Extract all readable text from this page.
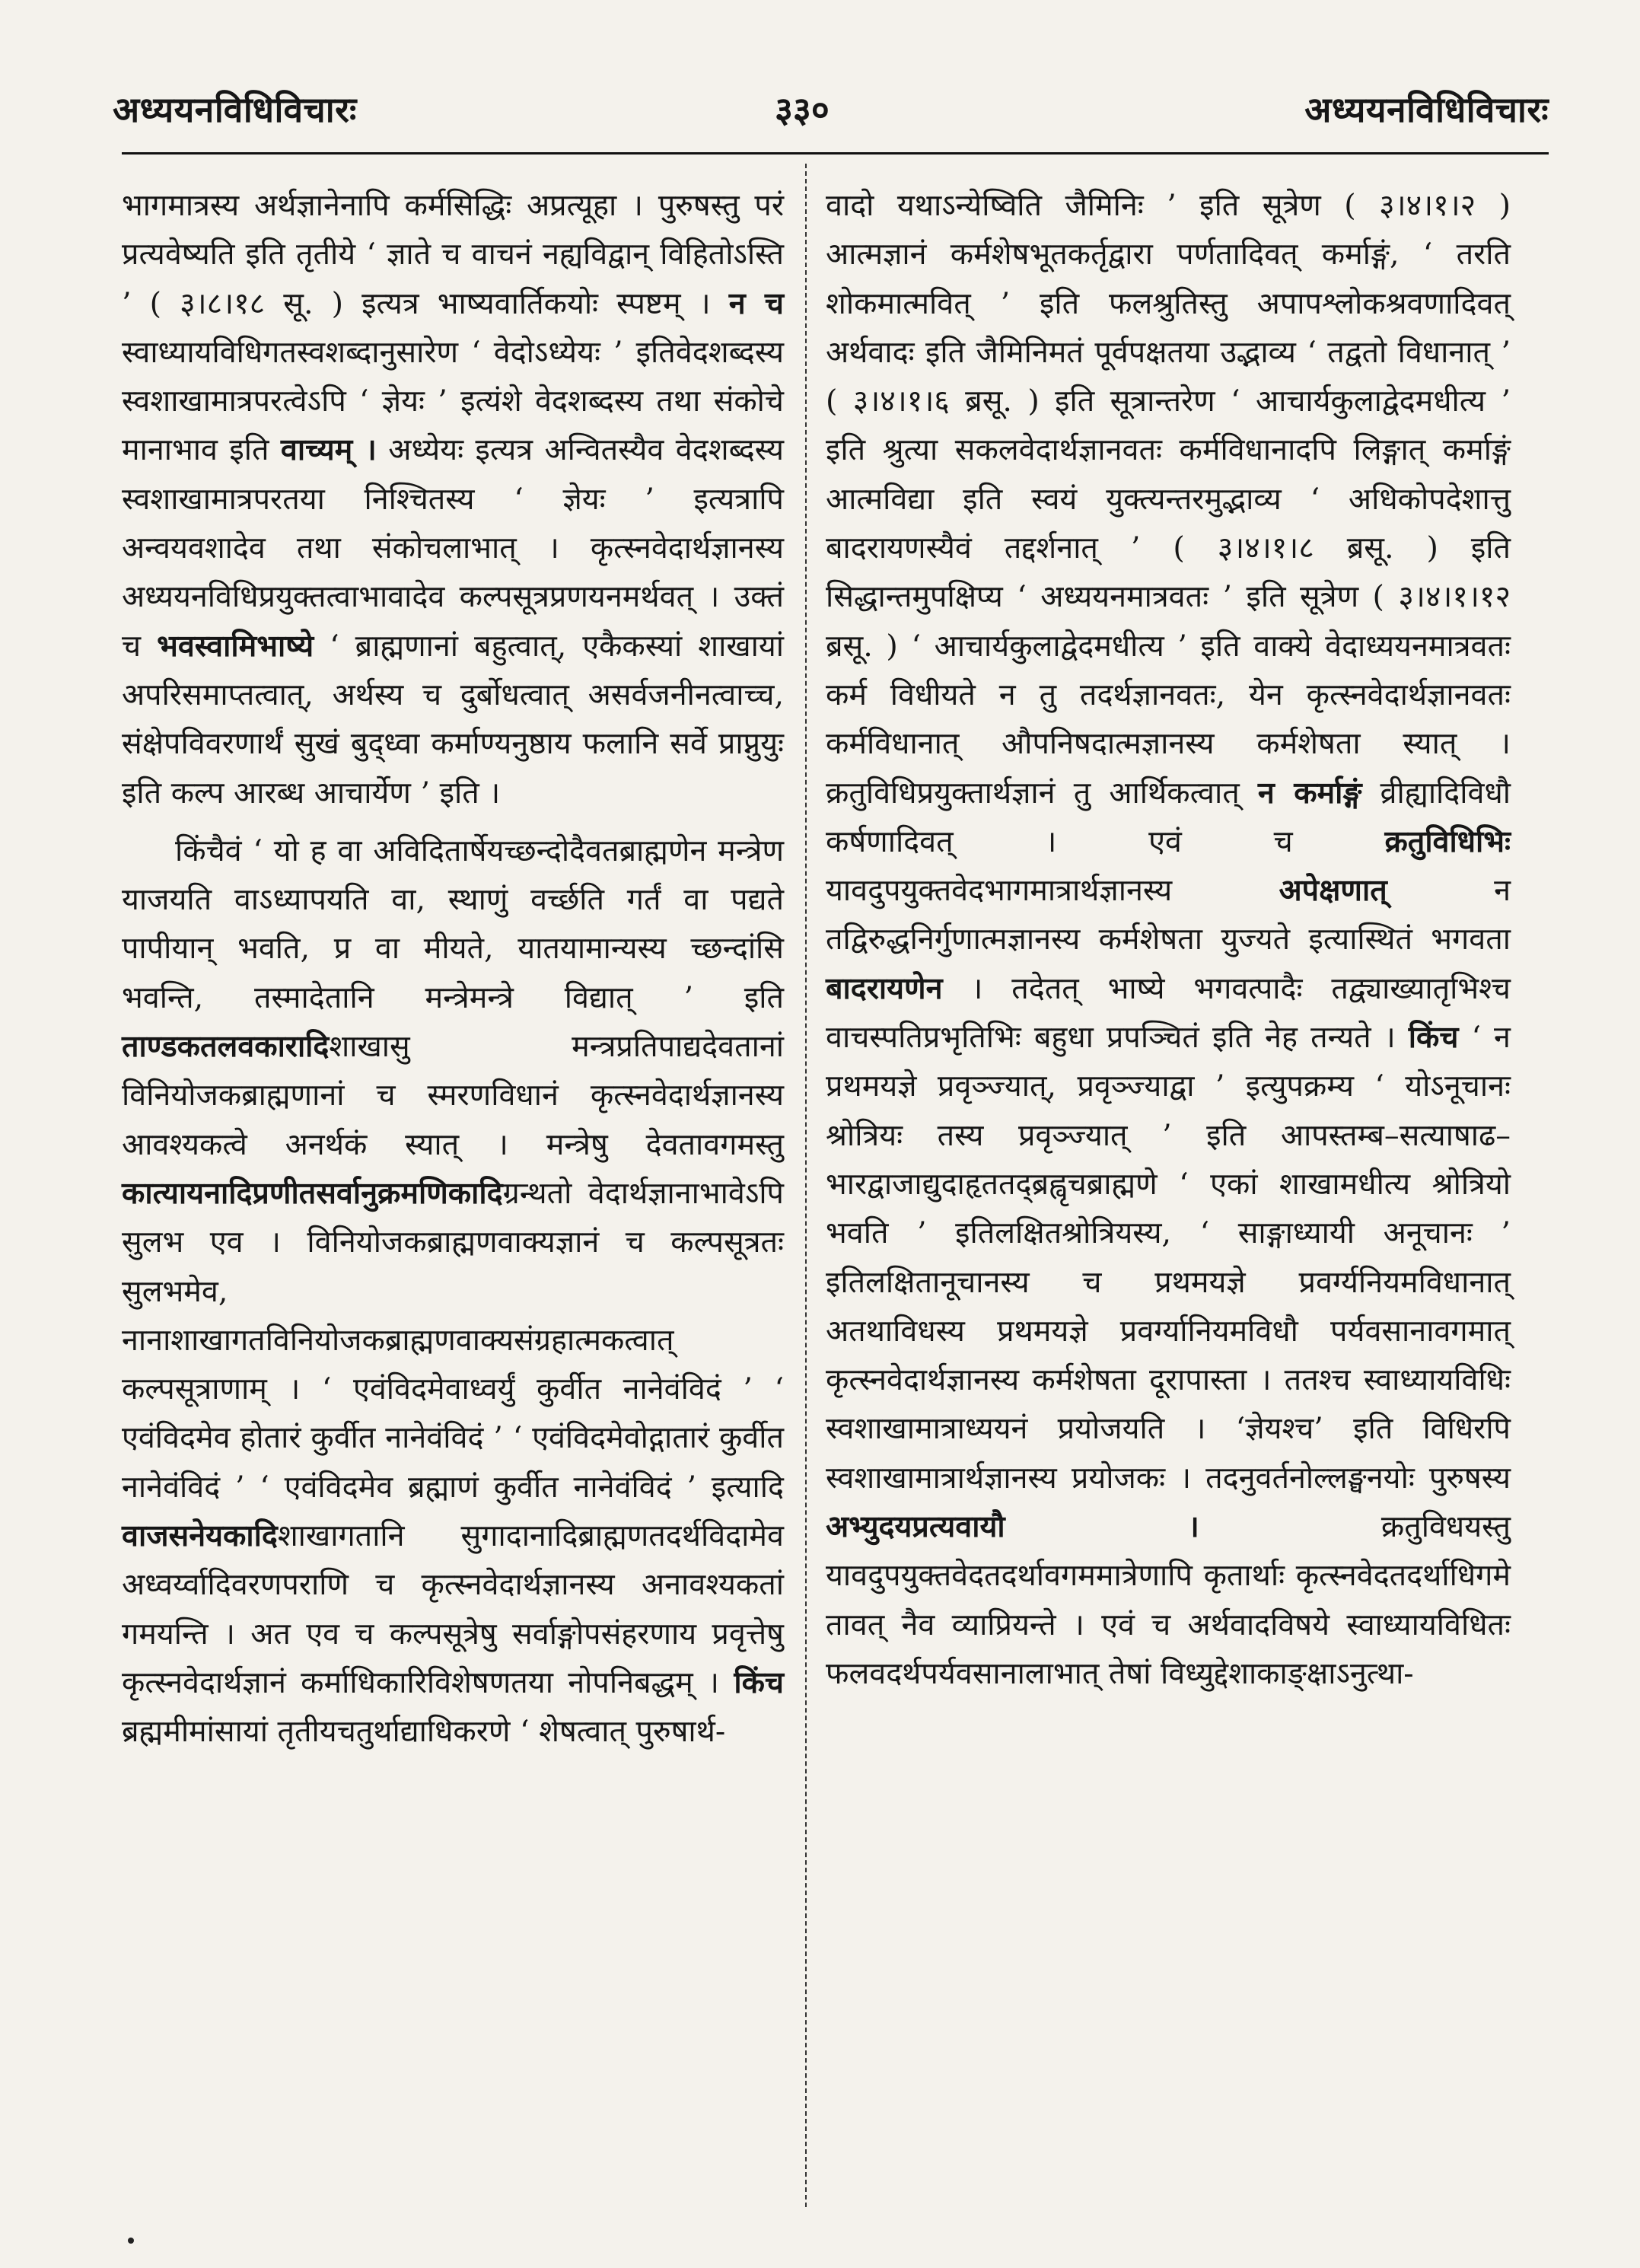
अध्ययनविधिविचारः	३३०	अध्ययनविधिविचारः

भागमात्रस्य अर्थज्ञानेनापि कर्मसिद्धिः अप्रत्यूहा । पुरुषस्तु परं प्रत्यवेष्यति इति तृतीये ‘ ज्ञाते च वाचनं नह्यविद्वान् विहितोऽस्ति ’ ( ३।८।१८ सू. ) इत्यत्र भाष्यवार्तिकयोः स्पष्टम् । न च स्वाध्यायविधिगतस्वशब्दानुसारेण ‘ वेदोऽध्येयः ’ इतिवेदशब्दस्य स्वशाखामात्रपरत्वेऽपि ‘ ज्ञेयः ’ इत्यंशे वेदशब्दस्य तथा संकोचे मानाभाव इति वाच्यम् । अध्येयः इत्यत्र अन्वितस्यैव वेदशब्दस्य स्वशाखामात्रपरतया निश्चितस्य ‘ ज्ञेयः ’ इत्यत्रापि अन्वयवशादेव तथा संकोचलाभात् । कृत्स्नवेदार्थज्ञानस्य अध्ययनविधिप्रयुक्तत्वाभावादेव कल्पसूत्रप्रणयनमर्थवत् । उक्तं च भवस्वामिभाष्ये ‘ ब्राह्मणानां बहुत्वात्, एकैकस्यां शाखायां अपरिसमाप्तत्वात्, अर्थस्य च दुर्बोधत्वात् असर्वजनीनत्वाच्च, संक्षेपविवरणार्थं सुखं बुद्ध्वा कर्माण्यनुष्ठाय फलानि सर्वे प्राप्नुयुः इति कल्प आरब्ध आचार्येण ’ इति ।

किंचैवं ‘ यो ह वा अविदितार्षेयच्छन्दोदैवतब्राह्मणेन मन्त्रेण याजयति वाऽध्यापयति वा, स्थाणुं वर्च्छति गर्तं वा पद्यते पापीयान् भवति, प्र वा मीयते, यातयामान्यस्य च्छन्दांसि भवन्ति, तस्मादेतानि मन्त्रेमन्त्रे विद्यात् ’ इति ताण्डकतलवकारादिशाखासु मन्त्रप्रतिपाद्यदेवतानां विनियोजकब्राह्मणानां च स्मरणविधानं कृत्स्नवेदार्थज्ञानस्य आवश्यकत्वे अनर्थकं स्यात् । मन्त्रेषु देवतावगमस्तु कात्यायनादिप्रणीतसर्वानुक्रमणिकादिग्रन्थतो वेदार्थज्ञानाभावेऽपि सुलभ एव । विनियोजकब्राह्मणवाक्यज्ञानं च कल्पसूत्रतः सुलभमेव, नानाशाखागतविनियोजकब्राह्मणवाक्यसंग्रहात्मकत्वात् कल्पसूत्राणाम् । ‘ एवंविदमेवाध्वर्युं कुर्वीत नानेवंविदं ’ ‘ एवंविदमेव होतारं कुर्वीत नानेवंविदं ’ ‘ एवंविदमेवोद्गातारं कुर्वीत नानेवंविदं ’ ‘ एवंविदमेव ब्रह्माणं कुर्वीत नानेवंविदं ’ इत्यादि वाजसनेयकादिशाखागतानि सुगादानादिब्राह्मणतदर्थविदामेव अध्वर्य्वादिवरणपराणि च कृत्स्नवेदार्थज्ञानस्य अनावश्यकतां गमयन्ति । अत एव च कल्पसूत्रेषु सर्वाङ्गोपसंहरणाय प्रवृत्तेषु कृत्स्नवेदार्थज्ञानं कर्माधिकारिविशेषणतया नोपनिबद्धम् । किंच ब्रह्ममीमांसायां तृतीयचतुर्थाद्याधिकरणे ‘ शेषत्वात् पुरुषार्थ-

वादो यथाऽन्येष्विति जैमिनिः ’ इति सूत्रेण ( ३।४।१।२ ) आत्मज्ञानं कर्मशेषभूतकर्तृद्वारा पर्णतादिवत् कर्माङ्गं, ‘ तरति शोकमात्मवित् ’ इति फलश्रुतिस्तु अपापश्लोकश्रवणादिवत् अर्थवादः इति जैमिनिमतं पूर्वपक्षतया उद्भाव्य ‘ तद्वतो विधानात् ’ ( ३।४।१।६ ब्रसू. ) इति सूत्रान्तरेण ‘ आचार्यकुलाद्वेदमधीत्य ’ इति श्रुत्या सकलवेदार्थज्ञानवतः कर्मविधानादपि लिङ्गात् कर्माङ्गं आत्मविद्या इति स्वयं युक्त्यन्तरमुद्भाव्य ‘ अधिकोपदेशात्तु बादरायणस्यैवं तद्दर्शनात् ’ ( ३।४।१।८ ब्रसू. ) इति सिद्धान्तमुपक्षिप्य ‘ अध्ययनमात्रवतः ’ इति सूत्रेण ( ३।४।१।१२ ब्रसू. ) ‘ आचार्यकुलाद्वेदमधीत्य ’ इति वाक्ये वेदाध्ययनमात्रवतः कर्म विधीयते न तु तदर्थज्ञानवतः, येन कृत्स्नवेदार्थज्ञानवतः कर्मविधानात् औपनिषदात्मज्ञानस्य कर्मशेषता स्यात् । क्रतुविधिप्रयुक्तार्थज्ञानं तु आर्थिकत्वात् न कर्माङ्गं व्रीह्यादिविधौ कर्षणादिवत् । एवं च	क्रतुविधिभिः यावदुपयुक्तवेदभागमात्रार्थज्ञानस्य	अपेक्षणात्	न तद्विरुद्धनिर्गुणात्मज्ञानस्य कर्मशेषता युज्यते इत्यास्थितं भगवता बादरायणेन । तदेतत् भाष्ये भगवत्पादैः तद्व्याख्यातृभिश्च वाचस्पतिप्रभृतिभिः बहुधा प्रपञ्चितं इति नेह तन्यते । किंच ‘ न प्रथमयज्ञे प्रवृञ्ज्यात्, प्रवृञ्ज्याद्वा ’ इत्युपक्रम्य ‘ योऽनूचानः श्रोत्रियः तस्य प्रवृञ्ज्यात् ’ इति आपस्तम्ब–सत्याषाढ–भारद्वाजाद्युदाहृततद्ब्रह्वृचब्राह्मणे ‘ एकां शाखामधीत्य श्रोत्रियो भवति ’ इतिलक्षितश्रोत्रियस्य, ‘ साङ्गाध्यायी अनूचानः ’ इतिलक्षितानूचानस्य च प्रथमयज्ञे प्रवर्ग्यनियमविधानात् अतथाविधस्य प्रथमयज्ञे प्रवर्ग्यानियमविधौ पर्यवसानावगमात् कृत्स्नवेदार्थज्ञानस्य कर्मशेषता दूरापास्ता । ततश्च स्वाध्यायविधिः स्वशाखामात्राध्ययनं प्रयोजयति । ‘ज्ञेयश्च’ इति विधिरपि स्वशाखामात्रार्थज्ञानस्य प्रयोजकः । तदनुवर्तनोल्लङ्घनयोः पुरुषस्य अभ्युदयप्रत्यवायौ ।	क्रतुविधयस्तु यावदुपयुक्तवेदतदर्थावगममात्रेणापि कृतार्थाः कृत्स्नवेदतदर्थाधिगमे तावत् नैव व्याप्रियन्ते । एवं च अर्थवादविषये स्वाध्यायविधितः फलवदर्थपर्यवसानालाभात् तेषां विध्युद्देशाकाङ्क्षाऽनुत्था-
